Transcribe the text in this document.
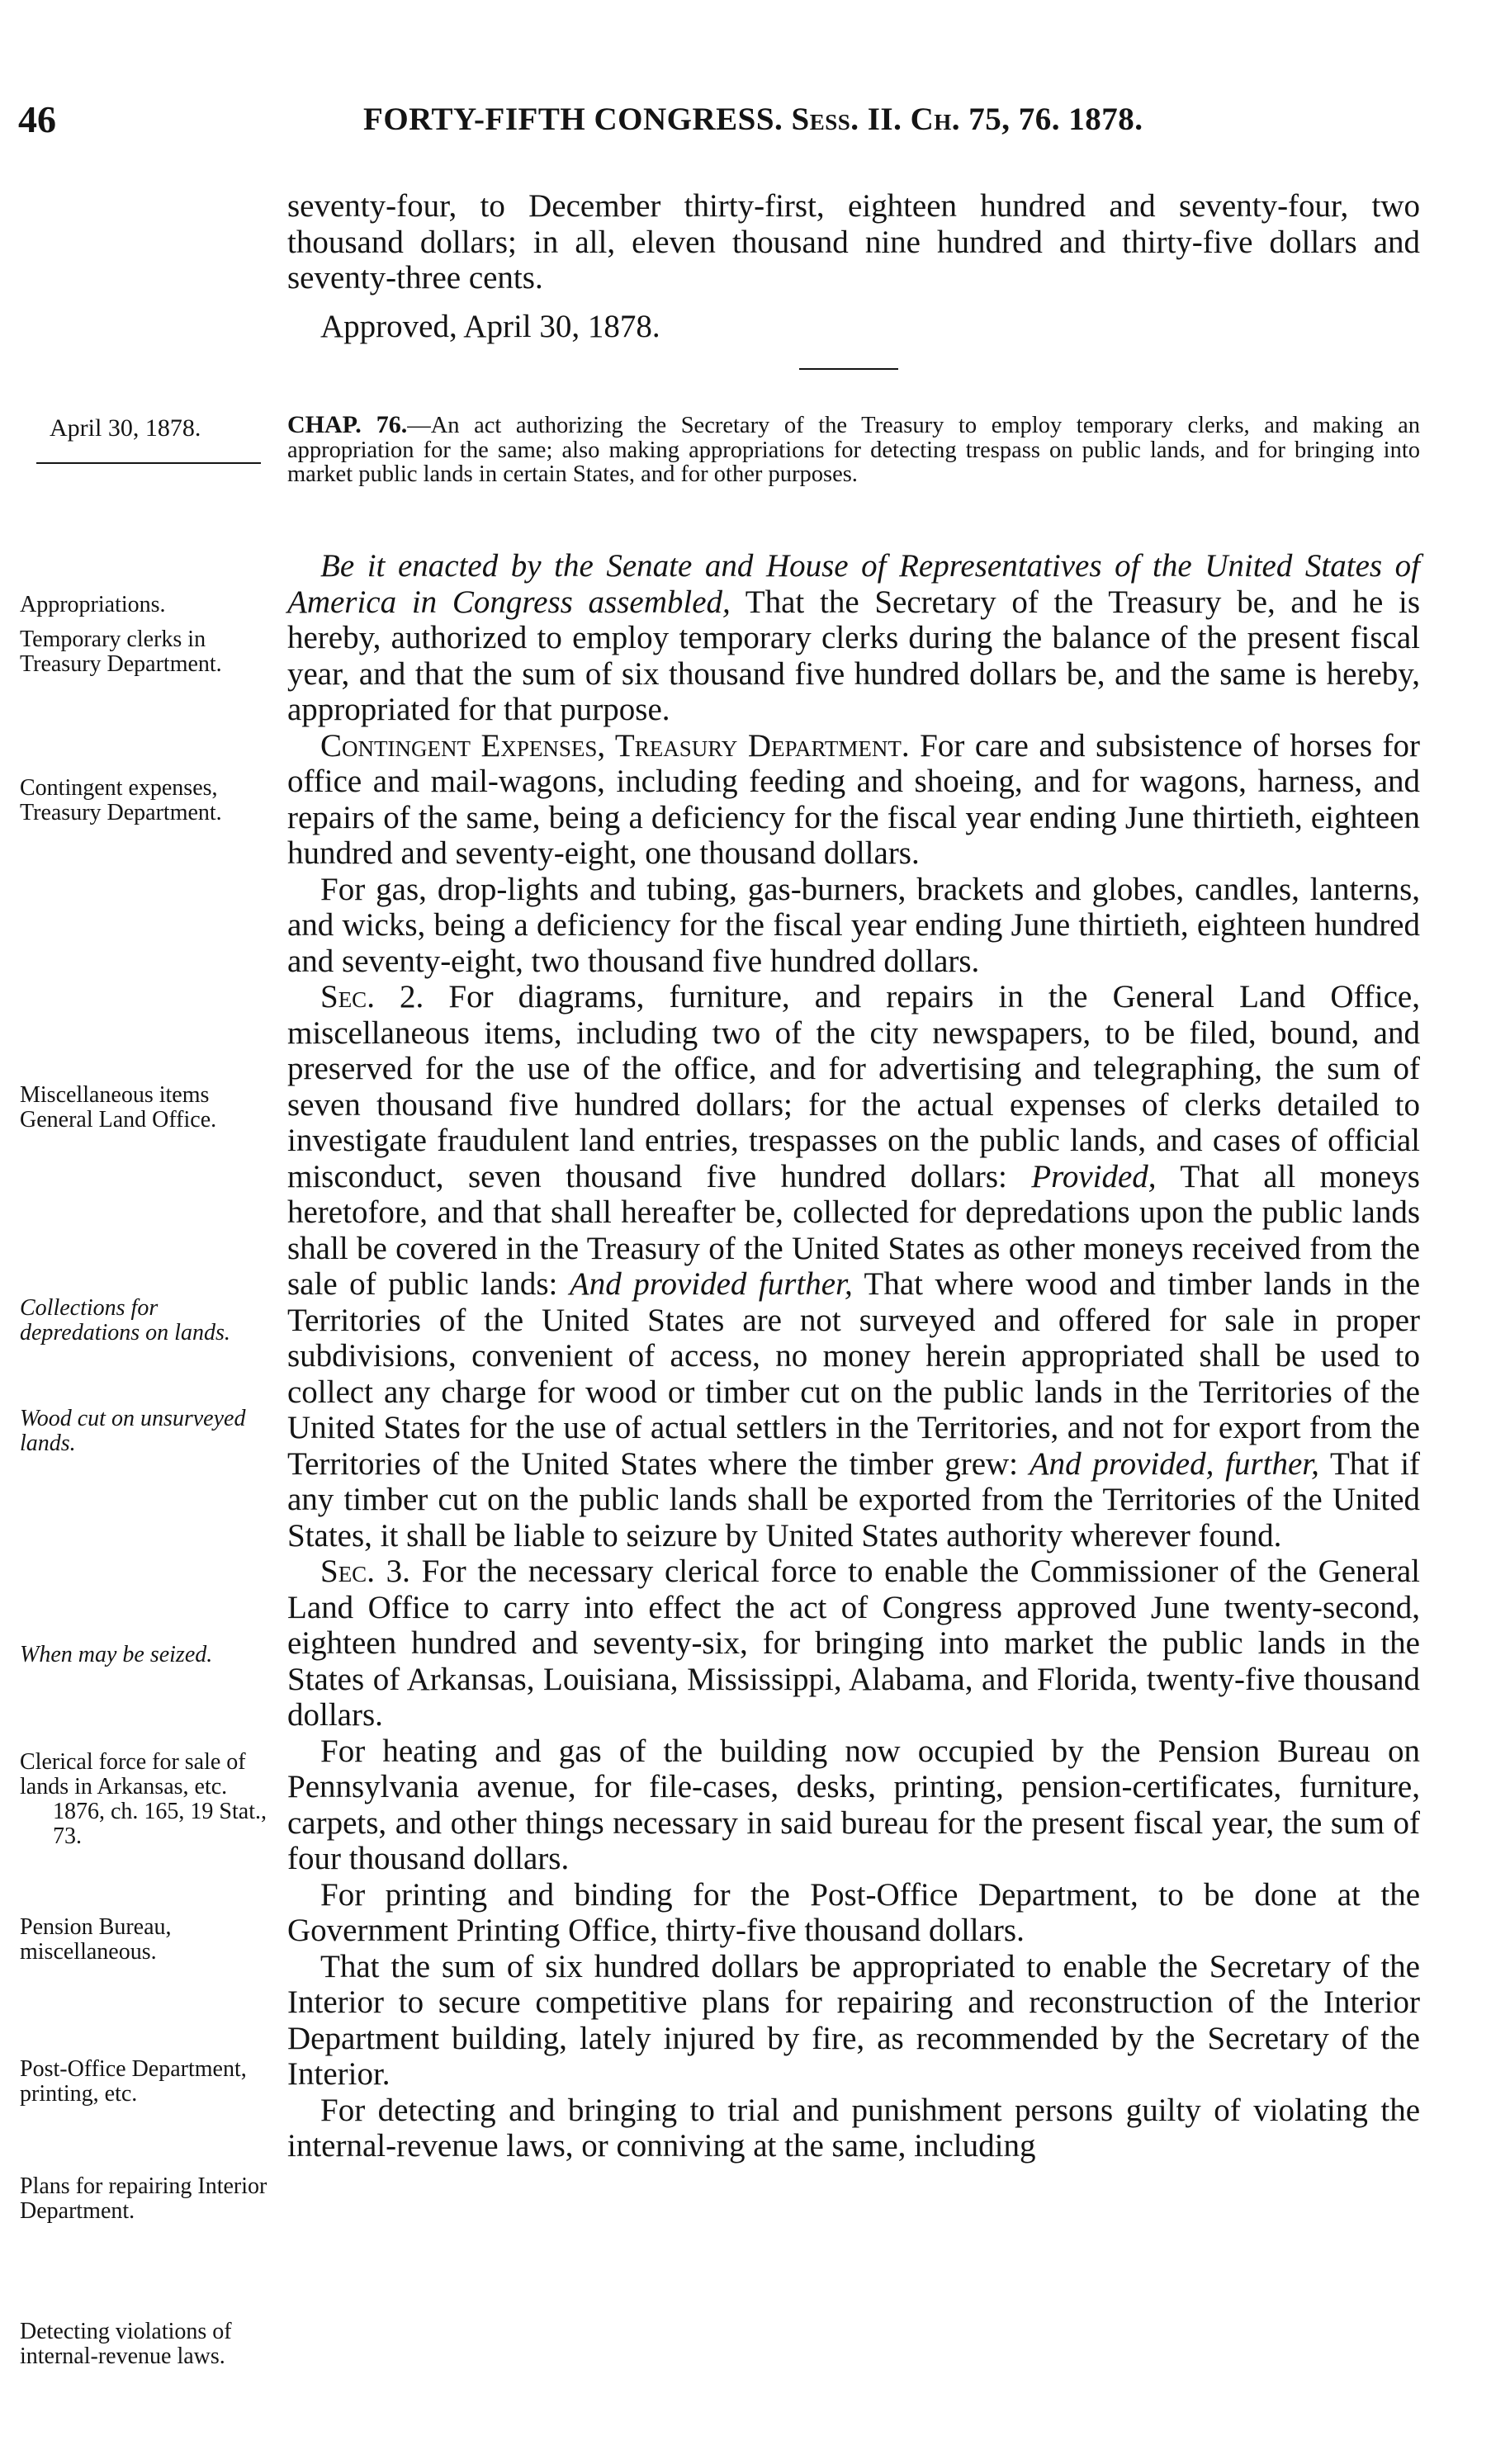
46	FORTY-FIFTH CONGRESS. Sess. II. Ch. 75, 76. 1878.

seventy-four, to December thirty-first, eighteen hundred and seventy-four, two thousand dollars; in all, eleven thousand nine hundred and thirty-five dollars and seventy-three cents.

Approved, April 30, 1878.
April 30, 1878.	CHAP. 76.—An act authorizing the Secretary of the Treasury to employ temporary clerks, and making an appropriation for the same; also making appropriations for detecting trespass on public lands, and for bringing into market public lands in certain States, and for other purposes.

Be it enacted by the Senate and House of Representatives of the United States of America in Congress assembled, That the Secretary of the Treasury be, and he is hereby, authorized to employ temporary clerks during the balance of the present fiscal year, and that the sum of six thousand five hundred dollars be, and the same is hereby, appropriated for that purpose.

Contingent Expenses, Treasury Department. For care and subsistence of horses for office and mail-wagons, including feeding and shoeing, and for wagons, harness, and repairs of the same, being a deficiency for the fiscal year ending June thirtieth, eighteen hundred and seventy-eight, one thousand dollars.

For gas, drop-lights and tubing, gas-burners, brackets and globes, candles, lanterns, and wicks, being a deficiency for the fiscal year ending June thirtieth, eighteen hundred and seventy-eight, two thousand five hundred dollars.

Sec. 2. For diagrams, furniture, and repairs in the General Land Office, miscellaneous items, including two of the city newspapers, to be filed, bound, and preserved for the use of the office, and for advertising and telegraphing, the sum of seven thousand five hundred dollars; for the actual expenses of clerks detailed to investigate fraudulent land entries, trespasses on the public lands, and cases of official misconduct, seven thousand five hundred dollars: Provided, That all moneys heretofore, and that shall hereafter be, collected for depredations upon the public lands shall be covered in the Treasury of the United States as other moneys received from the sale of public lands: And provided further, That where wood and timber lands in the Territories of the United States are not surveyed and offered for sale in proper subdivisions, convenient of access, no money herein appropriated shall be used to collect any charge for wood or timber cut on the public lands in the Territories of the United States for the use of actual settlers in the Territories, and not for export from the Territories of the United States where the timber grew: And provided, further, That if any timber cut on the public lands shall be exported from the Territories of the United States, it shall be liable to seizure by United States authority wherever found.

Sec. 3. For the necessary clerical force to enable the Commissioner of the General Land Office to carry into effect the act of Congress approved June twenty-second, eighteen hundred and seventy-six, for bringing into market the public lands in the States of Arkansas, Louisiana, Mississippi, Alabama, and Florida, twenty-five thousand dollars.

For heating and gas of the building now occupied by the Pension Bureau on Pennsylvania avenue, for file-cases, desks, printing, pension-certificates, furniture, carpets, and other things necessary in said bureau for the present fiscal year, the sum of four thousand dollars.

For printing and binding for the Post-Office Department, to be done at the Government Printing Office, thirty-five thousand dollars.

That the sum of six hundred dollars be appropriated to enable the Secretary of the Interior to secure competitive plans for repairing and reconstruction of the Interior Department building, lately injured by fire, as recommended by the Secretary of the Interior.

For detecting and bringing to trial and punishment persons guilty of violating the internal-revenue laws, or conniving at the same, including

Appropriations.
Temporary clerks in Treasury Department.
Contingent expenses, Treasury Department.
Miscellaneous items General Land Office.
Collections for depredations on lands.
Wood cut on unsurveyed lands.
When may be seized.
Clerical force for sale of lands in Arkansas, etc.
1876, ch. 165, 19 Stat., 73.
Pension Bureau, miscellaneous.
Post-Office Department, printing, etc.
Plans for repairing Interior Department.
Detecting violations of internal-revenue laws.
